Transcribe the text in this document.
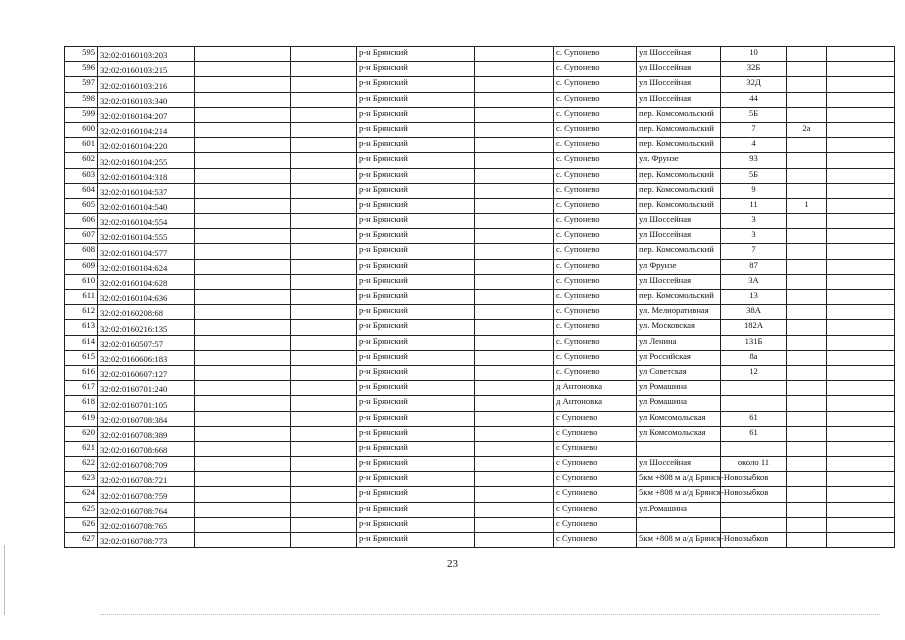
595	32:02:0160103:203			р-н Брянский		с. Супонево	ул Шоссейная	10		
596	32:02:0160103:215			р-н Брянский		с. Супонево	ул Шоссейная	32Б		
597	32:02:0160103:216			р-н Брянский		с. Супонево	ул Шоссейная	32Д		
598	32:02:0160103:340			р-н Брянский		с. Супонево	ул Шоссейная	44		
599	32:02:0160104:207			р-н Брянский		с. Супонево	пер. Комсомольский	5Б		
600	32:02:0160104:214			р-н Брянский		с. Супонево	пер. Комсомольский	7	2а	
601	32:02:0160104:220			р-н Брянский		с. Супонево	пер. Комсомольский	4		
602	32:02:0160104:255			р-н Брянский		с. Супонево	ул. Фрунзе	93		
603	32:02:0160104:318			р-н Брянский		с. Супонево	пер. Комсомольский	5Б		
604	32:02:0160104:537			р-н Брянский		с. Супонево	пер. Комсомольский	9		
605	32:02:0160104:540			р-н Брянский		с. Супонево	пер. Комсомольский	11	1	
606	32:02:0160104:554			р-н Брянский		с. Супонево	ул Шоссейная	3		
607	32:02:0160104:555			р-н Брянский		с. Супонево	ул Шоссейная	3		
608	32:02:0160104:577			р-н Брянский		с. Супонево	пер. Комсомольский	7		
609	32:02:0160104:624			р-н Брянский		с. Супонево	ул Фрунзе	87		
610	32:02:0160104:628			р-н Брянский		с. Супонево	ул Шоссейная	3А		
611	32:02:0160104:636			р-н Брянский		с. Супонево	пер. Комсомольский	13		
612	32:02:0160208:68			р-н Брянский		с. Супонево	ул. Мелиоративная	38А		
613	32:02:0160216:135			р-н Брянский		с. Супонево	ул. Московская	182А		
614	32:02:0160507:57			р-н Брянский		с. Супонево	ул Ленина	131Б		
615	32:02:0160606:183			р-н Брянский		с. Супонево	ул Российская	8а		
616	32:02:0160607:127			р-н Брянский		с. Супонево	ул Советская	12		
617	32:02:0160701:240			р-н Брянский		д Антоновка	ул Ромашина			
618	32:02:0160701:105			р-н Брянский		д Антоновка	ул Ромашина			
619	32:02:0160708:384			р-н Брянский		с Супонево	ул Комсомольская	61		
620	32:02:0160708:389			р-н Брянский		с Супонево	ул Комсомольская	61		
621	32:02:0160708:668			р-н Брянский		с Супонево				
622	32:02:0160708:709			р-н Брянский		с Супонево	ул Шоссейная	около 11		
623	32:02:0160708:721			р-н Брянский		с Супонево	5км +808 м а/д Брянск-Новозыбков			
624	32:02:0160708:759			р-н Брянский		с Супонево	5км +808 м а/д Брянск-Новозыбков			
625	32:02:0160708:764			р-н Брянский		с Супонево	ул.Ромашина			
626	32:02:0160708:765			р-н Брянский		с Супонево				
627	32:02:0160708:773			р-н Брянский		с Супонево	5км +808 м а/д Брянск-Новозыбков			
23
